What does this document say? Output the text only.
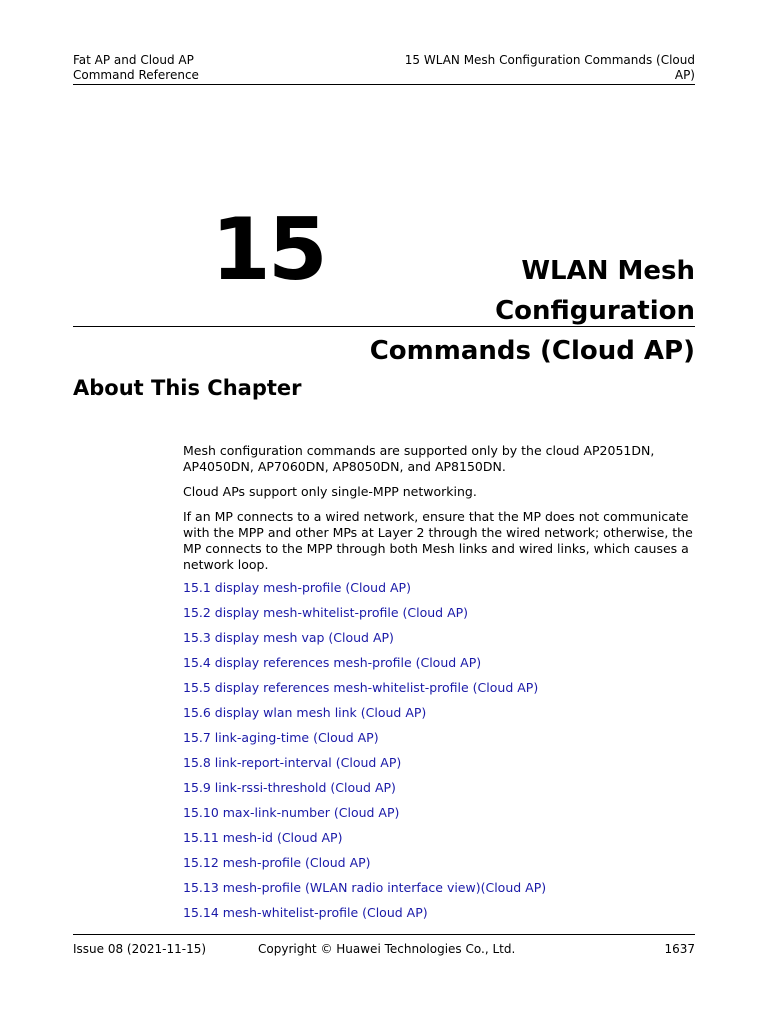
Fat AP and Cloud AP
Command Reference
15 WLAN Mesh Configuration Commands (Cloud
AP)
15	WLAN Mesh Configuration
Commands (Cloud AP)
About This Chapter

Mesh configuration commands are supported only by the cloud AP2051DN, AP4050DN, AP7060DN, AP8050DN, and AP8150DN.

Cloud APs support only single-MPP networking.

If an MP connects to a wired network, ensure that the MP does not communicate with the MPP and other MPs at Layer 2 through the wired network; otherwise, the MP connects to the MPP through both Mesh links and wired links, which causes a network loop.

15.1 display mesh-profile (Cloud AP)
15.2 display mesh-whitelist-profile (Cloud AP)
15.3 display mesh vap (Cloud AP)
15.4 display references mesh-profile (Cloud AP)
15.5 display references mesh-whitelist-profile (Cloud AP)
15.6 display wlan mesh link (Cloud AP)
15.7 link-aging-time (Cloud AP)
15.8 link-report-interval (Cloud AP)
15.9 link-rssi-threshold (Cloud AP)
15.10 max-link-number (Cloud AP)
15.11 mesh-id (Cloud AP)
15.12 mesh-profile (Cloud AP)
15.13 mesh-profile (WLAN radio interface view)(Cloud AP)
15.14 mesh-whitelist-profile (Cloud AP)
Issue 08 (2021-11-15)	Copyright © Huawei Technologies Co., Ltd.	1637
